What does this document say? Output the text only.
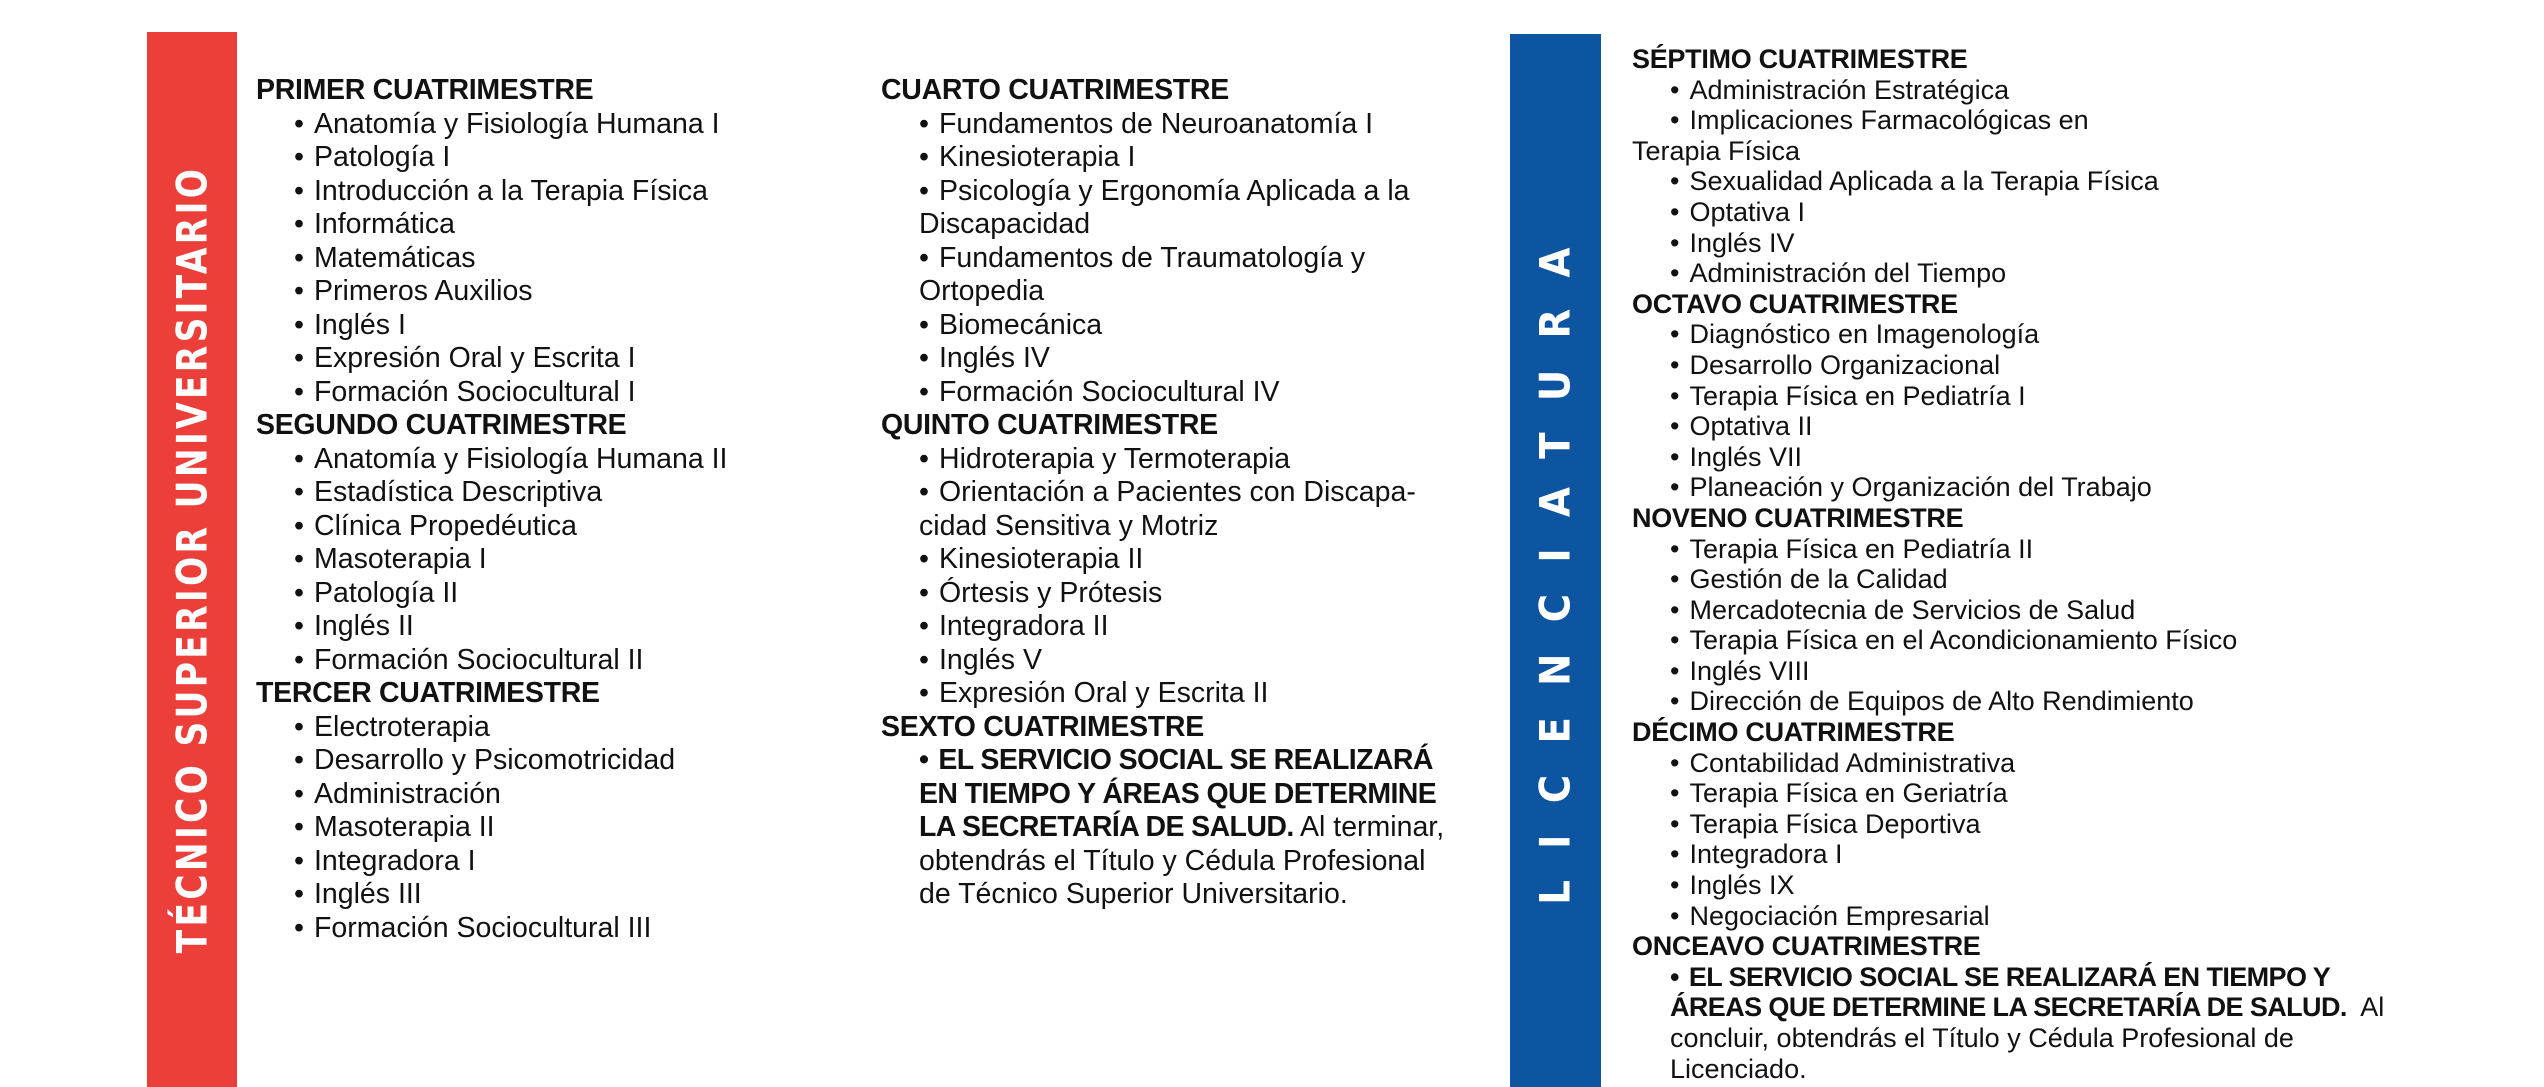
TÉCNICO SUPERIOR UNIVERSITARIO	LICENCIATURA
PRIMER CUATRIMESTRE
• Anatomía y Fisiología Humana I
• Patología I
• Introducción a la Terapia Física
• Informática
• Matemáticas
• Primeros Auxilios
• Inglés I
• Expresión Oral y Escrita I
• Formación Sociocultural I
SEGUNDO CUATRIMESTRE
• Anatomía y Fisiología Humana II
• Estadística Descriptiva
• Clínica Propedéutica
• Masoterapia I
• Patología II
• Inglés II
• Formación Sociocultural II
TERCER CUATRIMESTRE
• Electroterapia
• Desarrollo y Psicomotricidad
• Administración
• Masoterapia II
• Integradora I
• Inglés III
• Formación Sociocultural III
CUARTO CUATRIMESTRE
• Fundamentos de Neuroanatomía I
• Kinesioterapia I
• Psicología y Ergonomía Aplicada a la
Discapacidad
• Fundamentos de Traumatología y
Ortopedia
• Biomecánica
• Inglés IV
• Formación Sociocultural IV
QUINTO CUATRIMESTRE
• Hidroterapia y Termoterapia
• Orientación a Pacientes con Discapa-
cidad Sensitiva y Motriz
• Kinesioterapia II
• Órtesis y Prótesis
• Integradora II
• Inglés V
• Expresión Oral y Escrita II
SEXTO CUATRIMESTRE
• EL SERVICIO SOCIAL SE REALIZARÁ
EN TIEMPO Y ÁREAS QUE DETERMINE
LA SECRETARÍA DE SALUD. Al terminar,
obtendrás el Título y Cédula Profesional
de Técnico Superior Universitario.
SÉPTIMO CUATRIMESTRE
• Administración Estratégica
• Implicaciones Farmacológicas en
Terapia Física
• Sexualidad Aplicada a la Terapia Física
• Optativa I
• Inglés IV
• Administración del Tiempo
OCTAVO CUATRIMESTRE
• Diagnóstico en Imagenología
• Desarrollo Organizacional
• Terapia Física en Pediatría I
• Optativa II
• Inglés VII
• Planeación y Organización del Trabajo
NOVENO CUATRIMESTRE
• Terapia Física en Pediatría II
• Gestión de la Calidad
• Mercadotecnia de Servicios de Salud
• Terapia Física en el Acondicionamiento Físico
• Inglés VIII
• Dirección de Equipos de Alto Rendimiento
DÉCIMO CUATRIMESTRE
• Contabilidad Administrativa
• Terapia Física en Geriatría
• Terapia Física Deportiva
• Integradora I
• Inglés IX
• Negociación Empresarial
ONCEAVO CUATRIMESTRE
• EL SERVICIO SOCIAL SE REALIZARÁ EN TIEMPO Y
ÁREAS QUE DETERMINE LA SECRETARÍA DE SALUD. Al
concluir, obtendrás el Título y Cédula Profesional de
Licenciado.
